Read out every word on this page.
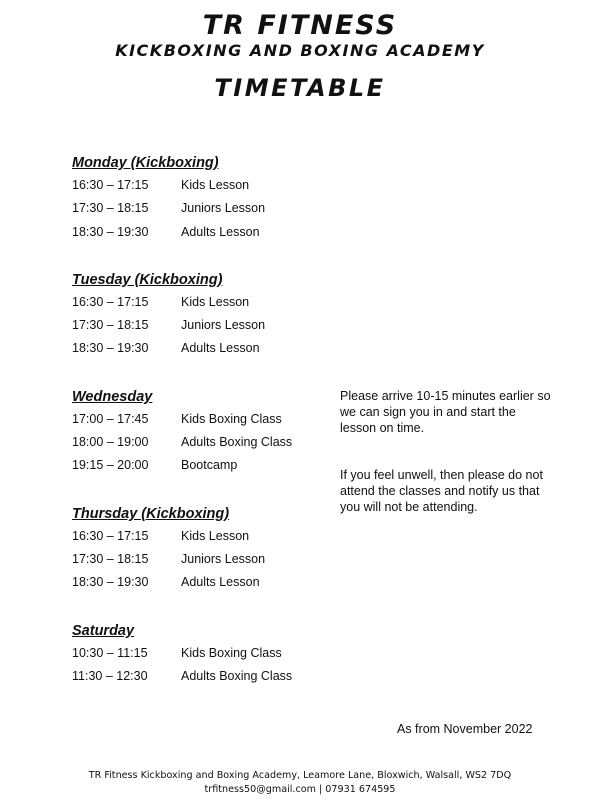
TR FITNESS
KICKBOXING AND BOXING ACADEMY
TIMETABLE
Monday (Kickboxing)
16:30 – 17:15	Kids Lesson
17:30 – 18:15	Juniors Lesson
18:30 – 19:30	Adults Lesson
Tuesday (Kickboxing)
16:30 – 17:15	Kids Lesson
17:30 – 18:15	Juniors Lesson
18:30 – 19:30	Adults Lesson
Wednesday
17:00 – 17:45	Kids Boxing Class
18:00 – 19:00	Adults Boxing Class
19:15 – 20:00	Bootcamp
Thursday (Kickboxing)
16:30 – 17:15	Kids Lesson
17:30 – 18:15	Juniors Lesson
18:30 – 19:30	Adults Lesson
Saturday
10:30 – 11:15	Kids Boxing Class
11:30 – 12:30	Adults Boxing Class

Please arrive 10-15 minutes earlier so we can sign you in and start the lesson on time.

If you feel unwell, then please do not attend the classes and notify us that you will not be attending.

As from November 2022
TR Fitness Kickboxing and Boxing Academy, Leamore Lane, Bloxwich, Walsall, WS2 7DQ
trfitness50@gmail.com | 07931 674595
